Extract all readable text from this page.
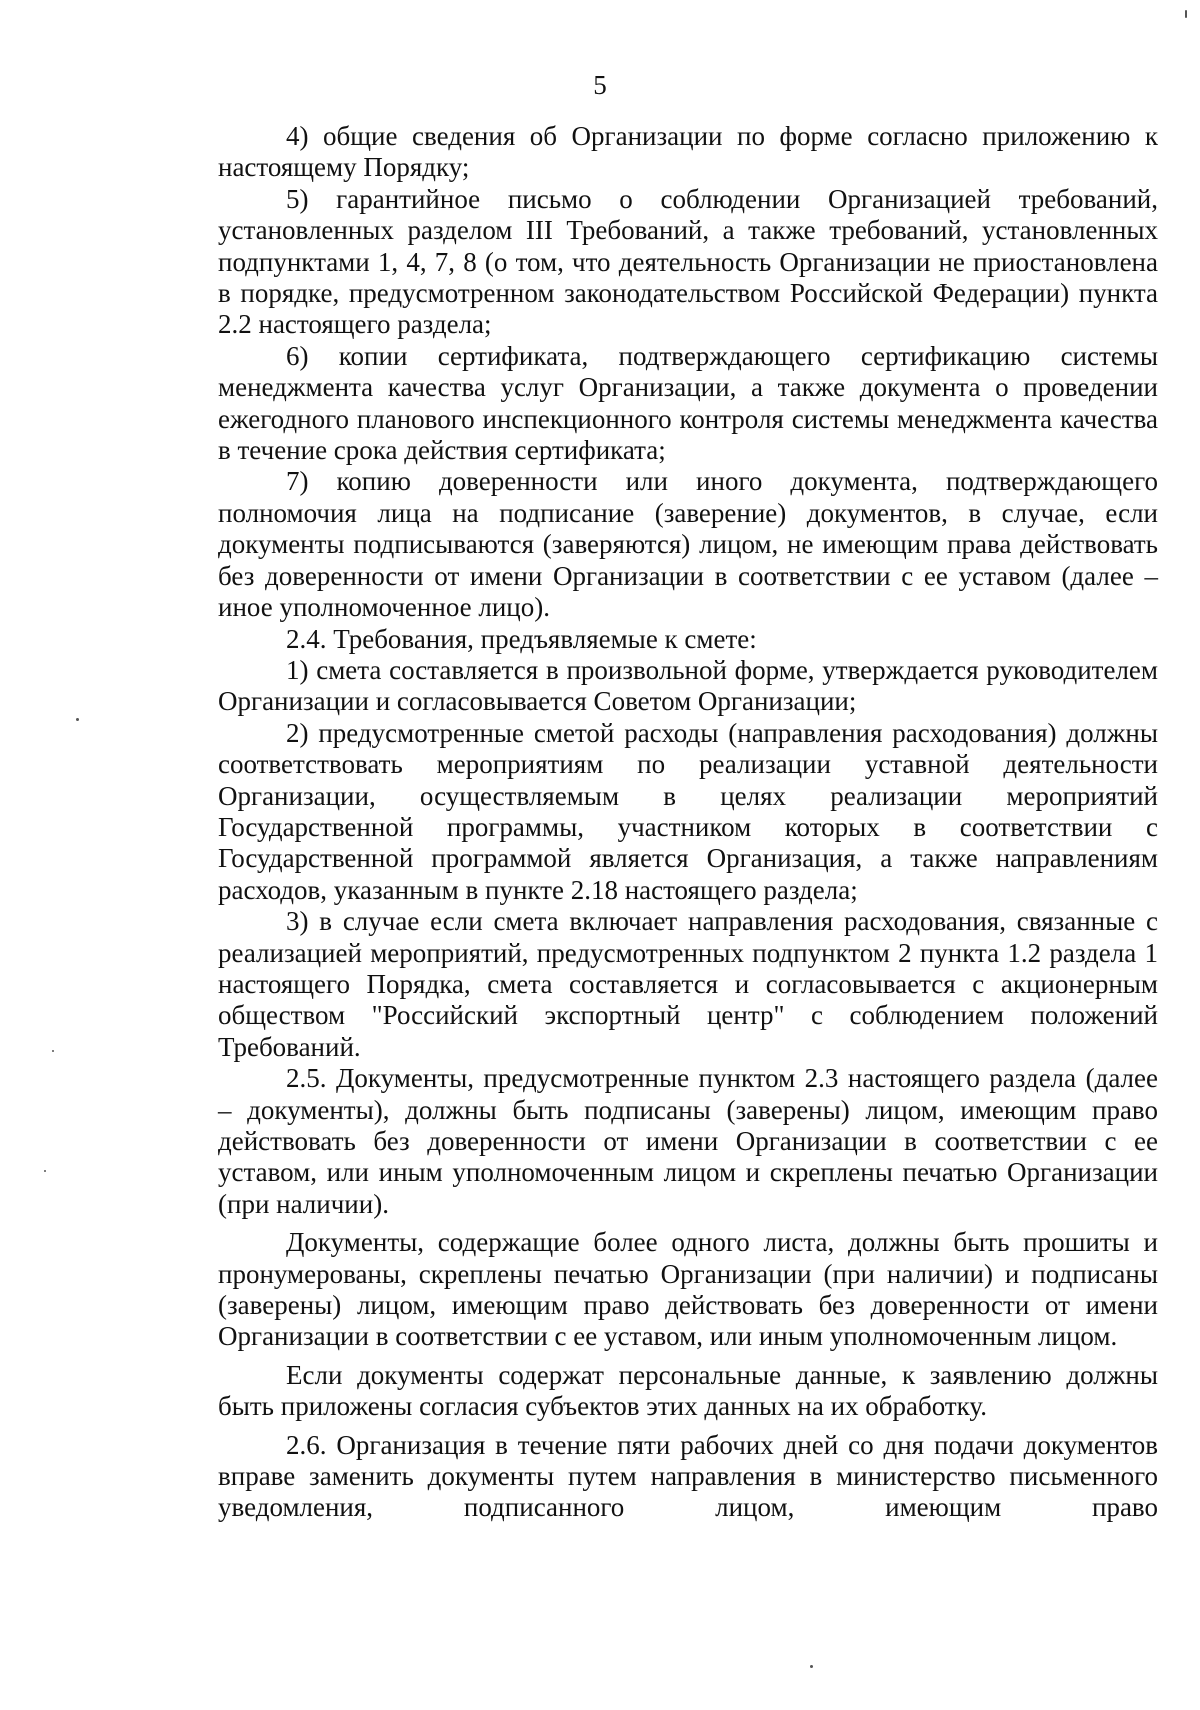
5

4) общие сведения об Организации по форме согласно приложению к настоящему Порядку;

5) гарантийное письмо о соблюдении Организацией требований, установленных разделом III Требований, а также требований, установленных подпунктами 1, 4, 7, 8 (о том, что деятельность Организации не приостановлена в порядке, предусмотренном законодательством Российской Федерации) пункта 2.2 настоящего раздела;

6) копии сертификата, подтверждающего сертификацию системы менеджмента качества услуг Организации, а также документа о проведении ежегодного планового инспекционного контроля системы менеджмента качества в течение срока действия сертификата;

7) копию доверенности или иного документа, подтверждающего полномочия лица на подписание (заверение) документов, в случае, если документы подписываются (заверяются) лицом, не имеющим права действовать без доверенности от имени Организации в соответствии с ее уставом (далее – иное уполномоченное лицо).

2.4. Требования, предъявляемые к смете:

1) смета составляется в произвольной форме, утверждается руководителем Организации и согласовывается Советом Организации;

2) предусмотренные сметой расходы (направления расходования) должны соответствовать мероприятиям по реализации уставной деятельности Организации, осуществляемым в целях реализации мероприятий Государственной программы, участником которых в соответствии с Государственной программой является Организация, а также направлениям расходов, указанным в пункте 2.18 настоящего раздела;

3) в случае если смета включает направления расходования, связанные с реализацией мероприятий, предусмотренных подпунктом 2 пункта 1.2 раздела 1 настоящего Порядка, смета составляется и согласовывается с акционерным обществом "Российский экспортный центр" с соблюдением положений Требований.

2.5. Документы, предусмотренные пунктом 2.3 настоящего раздела (далее – документы), должны быть подписаны (заверены) лицом, имеющим право действовать без доверенности от имени Организации в соответствии с ее уставом, или иным уполномоченным лицом и скреплены печатью Организации (при наличии).

Документы, содержащие более одного листа, должны быть прошиты и пронумерованы, скреплены печатью Организации (при наличии) и подписаны (заверены) лицом, имеющим право действовать без доверенности от имени Организации в соответствии с ее уставом, или иным уполномоченным лицом.

Если документы содержат персональные данные, к заявлению должны быть приложены согласия субъектов этих данных на их обработку.

2.6. Организация в течение пяти рабочих дней со дня подачи документов вправе заменить документы путем направления в министерство письменного уведомления, подписанного лицом, имеющим право
